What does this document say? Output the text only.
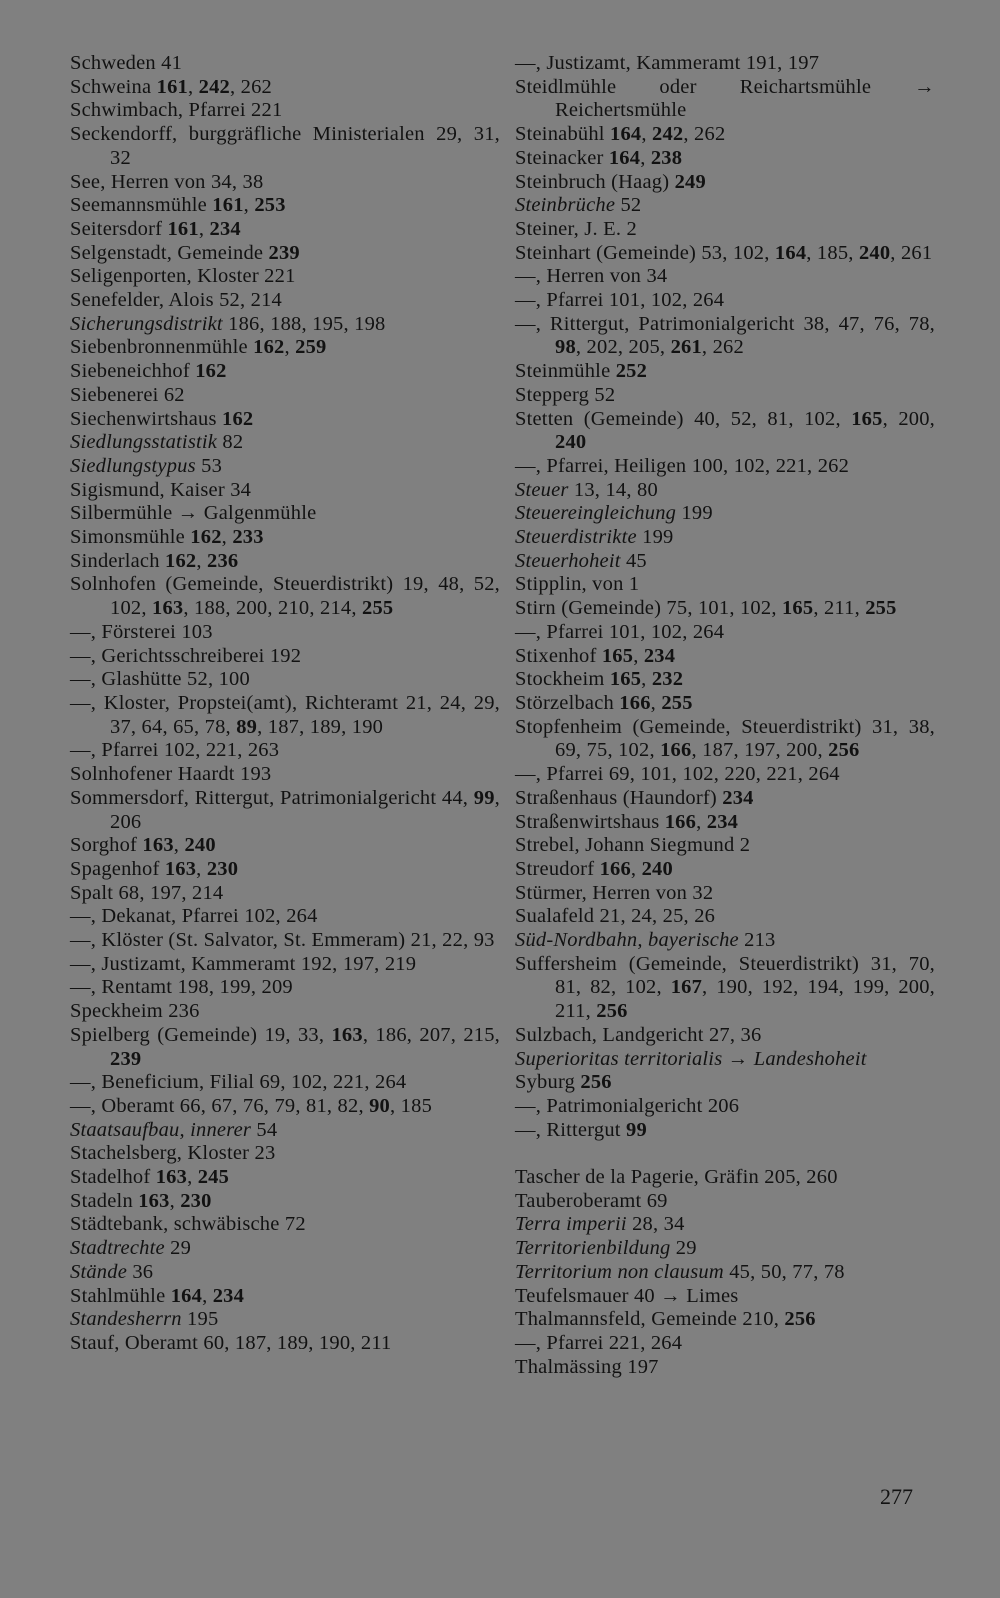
Schweden 41
Schweina 161, 242, 262
Schwimbach, Pfarrei 221
Seckendorff, burggräfliche Ministerialen 29, 31, 32
See, Herren von 34, 38
Seemannsmühle 161, 253
Seitersdorf 161, 234
Selgenstadt, Gemeinde 239
Seligenporten, Kloster 221
Senefelder, Alois 52, 214
Sicherungsdistrikt 186, 188, 195, 198
Siebenbronnenmühle 162, 259
Siebeneichhof 162
Siebenerei 62
Siechenwirtshaus 162
Siedlungsstatistik 82
Siedlungstypus 53
Sigismund, Kaiser 34
Silbermühle → Galgenmühle
Simonsmühle 162, 233
Sinderlach 162, 236
Solnhofen (Gemeinde, Steuerdistrikt) 19, 48, 52, 102, 163, 188, 200, 210, 214, 255
—, Försterei 103
—, Gerichtsschreiberei 192
—, Glashütte 52, 100
—, Kloster, Propstei(amt), Richteramt 21, 24, 29, 37, 64, 65, 78, 89, 187, 189, 190
—, Pfarrei 102, 221, 263
Solnhofener Haardt 193
Sommersdorf, Rittergut, Patrimonialgericht 44, 99, 206
Sorghof 163, 240
Spagenhof 163, 230
Spalt 68, 197, 214
—, Dekanat, Pfarrei 102, 264
—, Klöster (St. Salvator, St. Emmeram) 21, 22, 93
—, Justizamt, Kammeramt 192, 197, 219
—, Rentamt 198, 199, 209
Speckheim 236
Spielberg (Gemeinde) 19, 33, 163, 186, 207, 215, 239
—, Beneficium, Filial 69, 102, 221, 264
—, Oberamt 66, 67, 76, 79, 81, 82, 90, 185
Staatsaufbau, innerer 54
Stachelsberg, Kloster 23
Stadelhof 163, 245
Stadeln 163, 230
Städtebank, schwäbische 72
Stadtrechte 29
Stände 36
Stahlmühle 164, 234
Standesherrn 195
Stauf, Oberamt 60, 187, 189, 190, 211
—, Justizamt, Kammeramt 191, 197
Steidlmühle oder Reichartsmühle → Reichertsmühle
Steinabühl 164, 242, 262
Steinacker 164, 238
Steinbruch (Haag) 249
Steinbrüche 52
Steiner, J. E. 2
Steinhart (Gemeinde) 53, 102, 164, 185, 240, 261
—, Herren von 34
—, Pfarrei 101, 102, 264
—, Rittergut, Patrimonialgericht 38, 47, 76, 78, 98, 202, 205, 261, 262
Steinmühle 252
Stepperg 52
Stetten (Gemeinde) 40, 52, 81, 102, 165, 200, 240
—, Pfarrei, Heiligen 100, 102, 221, 262
Steuer 13, 14, 80
Steuereingleichung 199
Steuerdistrikte 199
Steuerhoheit 45
Stipplin, von 1
Stirn (Gemeinde) 75, 101, 102, 165, 211, 255
—, Pfarrei 101, 102, 264
Stixenhof 165, 234
Stockheim 165, 232
Störzelbach 166, 255
Stopfenheim (Gemeinde, Steuerdistrikt) 31, 38, 69, 75, 102, 166, 187, 197, 200, 256
—, Pfarrei 69, 101, 102, 220, 221, 264
Straßenhaus (Haundorf) 234
Straßenwirtshaus 166, 234
Strebel, Johann Siegmund 2
Streudorf 166, 240
Stürmer, Herren von 32
Sualafeld 21, 24, 25, 26
Süd-Nordbahn, bayerische 213
Suffersheim (Gemeinde, Steuerdistrikt) 31, 70, 81, 82, 102, 167, 190, 192, 194, 199, 200, 211, 256
Sulzbach, Landgericht 27, 36
Superioritas territorialis → Landeshoheit
Syburg 256
—, Patrimonialgericht 206
—, Rittergut 99
Tascher de la Pagerie, Gräfin 205, 260
Tauberoberamt 69
Terra imperii 28, 34
Territorienbildung 29
Territorium non clausum 45, 50, 77, 78
Teufelsmauer 40 → Limes
Thalmannsfeld, Gemeinde 210, 256
—, Pfarrei 221, 264
Thalmässing 197
277
